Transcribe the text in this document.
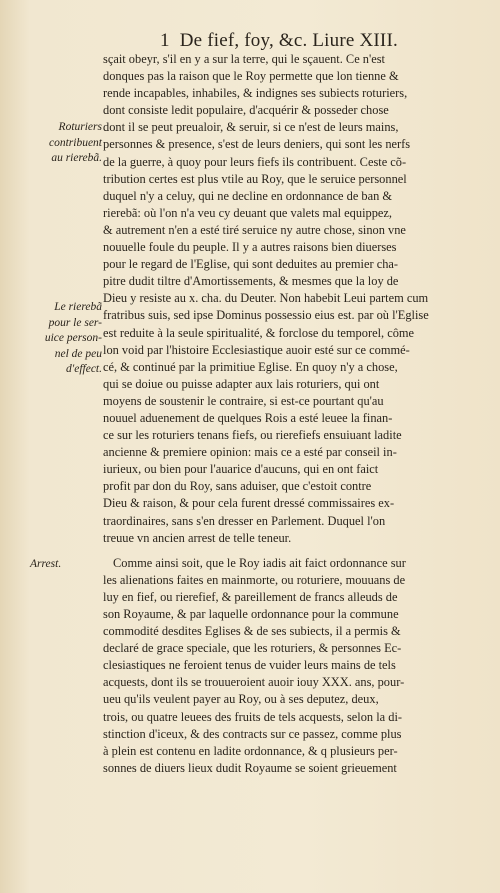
1 De fief, foy, &c. Liure XIII.
Roturiers
contribuent
au rierebã.
Le rierebã
pour le ser-
uice person-
nel de peu
d'effect.
Arrest.
sçait obeyr, s'il en y a sur la terre, qui le sçauent. Ce n'est
donques pas la raison que le Roy permette que lon tienne &
rende incapables, inhabiles, & indignes ses subiects roturiers,
dont consiste ledit populaire, d'acquérir & posseder chose
dont il se peut preualoir, & seruir, si ce n'est de leurs mains,
personnes & presence, s'est de leurs deniers, qui sont les nerfs
de la guerre, à quoy pour leurs fiefs ils contribuent. Ceste cõ-
tribution certes est plus vtile au Roy, que le seruice personnel
duquel n'y a celuy, qui ne decline en ordonnance de ban &
rierebã: où l'on n'a veu cy deuant que valets mal equippez,
& autrement n'en a esté tiré seruice ny autre chose, sinon vne
nouuelle foule du peuple. Il y a autres raisons bien diuerses
pour le regard de l'Eglise, qui sont deduites au premier cha-
pitre dudit tiltre d'Amortissements, & mesmes que la loy de
Dieu y resiste au x. cha. du Deuter. Non habebit Leui partem cum
fratribus suis, sed ipse Dominus possessio eius est. par où l'Eglise
est reduite à la seule spiritualité, & forclose du temporel, côme
lon void par l'histoire Ecclesiastique auoir esté sur ce commé-
cé, & continué par la primitiue Eglise. En quoy n'y a chose,
qui se doiue ou puisse adapter aux lais roturiers, qui ont
moyens de soustenir le contraire, si est-ce pourtant qu'au
nouuel aduenement de quelques Rois a esté leuee la finan-
ce sur les roturiers tenans fiefs, ou rierefiefs ensuiuant ladite
ancienne & premiere opinion: mais ce a esté par conseil in-
iurieux, ou bien pour l'auarice d'aucuns, qui en ont faict
profit par don du Roy, sans aduiser, que c'estoit contre
Dieu & raison, & pour cela furent dressé commissaires ex-
traordinaires, sans s'en dresser en Parlement. Duquel l'on
treuue vn ancien arrest de telle teneur.
Comme ainsi soit, que le Roy iadis ait faict ordonnance sur
les alienations faites en mainmorte, ou roturiere, mouuans de
luy en fief, ou rierefief, & pareillement de francs alleuds de
son Royaume, & par laquelle ordonnance pour la commune
commodité desdites Eglises & de ses subiects, il a permis &
declaré de grace speciale, que les roturiers, & personnes Ec-
clesiastiques ne feroient tenus de vuider leurs mains de tels
acquests, dont ils se trouueroient auoir iouy XXX. ans, pour-
ueu qu'ils veulent payer au Roy, ou à ses deputez, deux,
trois, ou quatre leuees des fruits de tels acquests, selon la di-
stinction d'iceux, & des contracts sur ce passez, comme plus
à plein est contenu en ladite ordonnance, & q plusieurs per-
sonnes de diuers lieux dudit Royaume se soient grieuement
